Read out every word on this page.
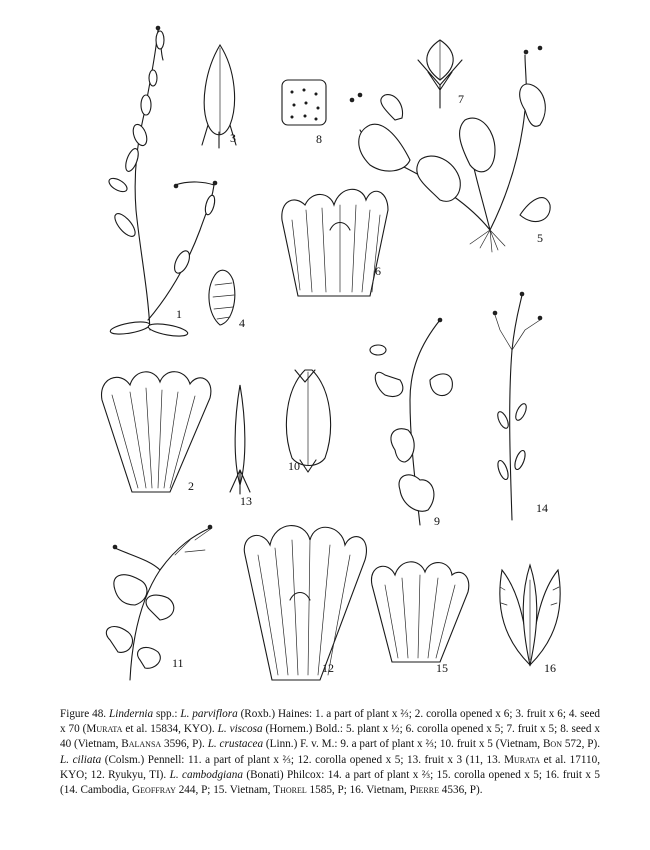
1
3	8
7
5
6
4
2
13
10
9
14
11	12	15	16
Figure 48. Lindernia spp.: L. parviflora (Roxb.) Haines: 1. a part of plant x ⅔; 2. corolla opened x 6; 3. fruit x 6; 4. seed x 70 (Murata et al. 15834, KYO). L. viscosa (Hornem.) Bold.: 5. plant x ½; 6. corolla opened x 5; 7. fruit x 5; 8. seed x 40 (Vietnam, Balansa 3596, P). L. crustacea (Linn.) F. v. M.: 9. a part of plant x ⅔; 10. fruit x 5 (Vietnam, Bon 572, P). L. ciliata (Colsm.) Pennell: 11. a part of plant x ⅔; 12. corolla opened x 5; 13. fruit x 3 (11, 13. Murata et al. 17110, KYO; 12. Ryukyu, TI). L. cambodgiana (Bonati) Philcox: 14. a part of plant x ⅔; 15. corolla opened x 5; 16. fruit x 5 (14. Cambodia, Geoffray 244, P; 15. Vietnam, Thorel 1585, P; 16. Vietnam, Pierre 4536, P).
